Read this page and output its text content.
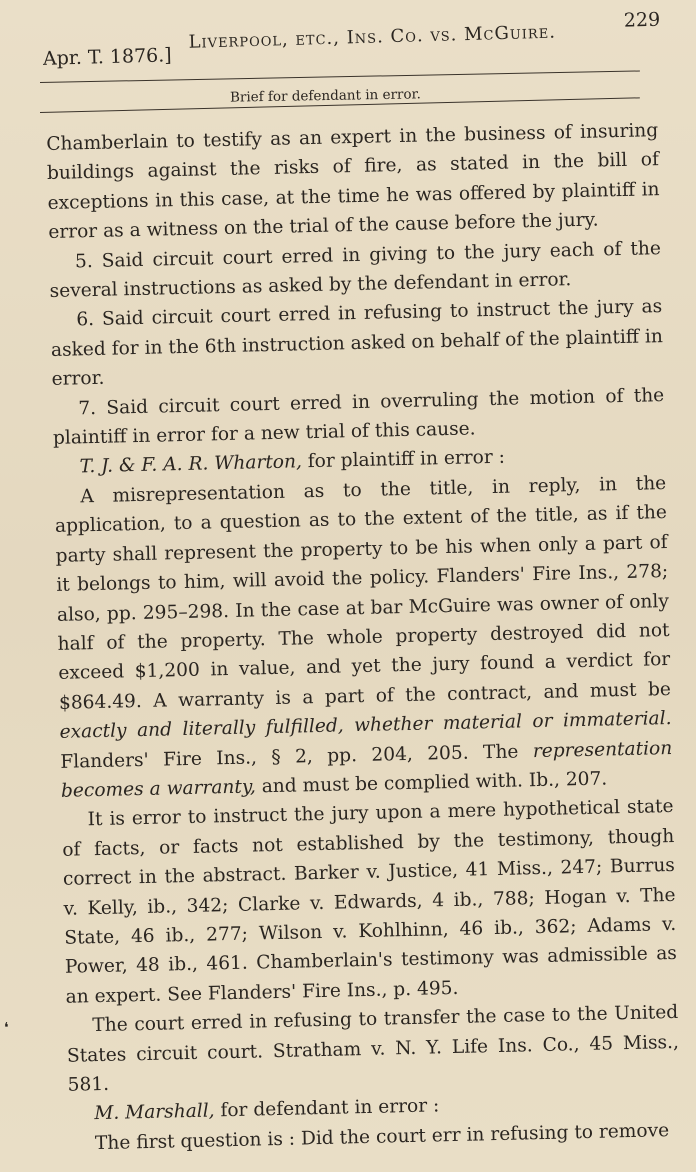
Apr. T. 1876.]
Liverpool, etc., Ins. Co. vs. McGuire.
229
Brief for defendant in error.

Chamberlain to testify as an expert in the business of insuring buildings against the risks of fire, as stated in the bill of exceptions in this case, at the time he was offered by plaintiff in error as a witness on the trial of the cause before the jury.

5. Said circuit court erred in giving to the jury each of the several instructions as asked by the defendant in error.

6. Said circuit court erred in refusing to instruct the jury as asked for in the 6th instruction asked on behalf of the plaintiff in error.

7. Said circuit court erred in overruling the motion of the plaintiff in error for a new trial of this cause.

T. J. & F. A. R. Wharton, for plaintiff in error :

A misrepresentation as to the title, in reply, in the application, to a question as to the extent of the title, as if the party shall represent the property to be his when only a part of it belongs to him, will avoid the policy. Flanders' Fire Ins., 278; also, pp. 295–298. In the case at bar McGuire was owner of only half of the property. The whole property destroyed did not exceed $1,200 in value, and yet the jury found a verdict for $864.49. A warranty is a part of the contract, and must be exactly and literally fulfilled, whether material or immaterial. Flanders' Fire Ins., § 2, pp. 204, 205. The representation becomes a warranty, and must be complied with. Ib., 207.

It is error to instruct the jury upon a mere hypothetical state of facts, or facts not established by the testimony, though correct in the abstract. Barker v. Justice, 41 Miss., 247; Burrus v. Kelly, ib., 342; Clarke v. Edwards, 4 ib., 788; Hogan v. The State, 46 ib., 277; Wilson v. Kohlhinn, 46 ib., 362; Adams v. Power, 48 ib., 461. Chamberlain's testimony was admissible as an expert. See Flanders' Fire Ins., p. 495.

The court erred in refusing to transfer the case to the United States circuit court. Stratham v. N. Y. Life Ins. Co., 45 Miss., 581.

M. Marshall, for defendant in error :

The first question is : Did the court err in refusing to remove

❛
